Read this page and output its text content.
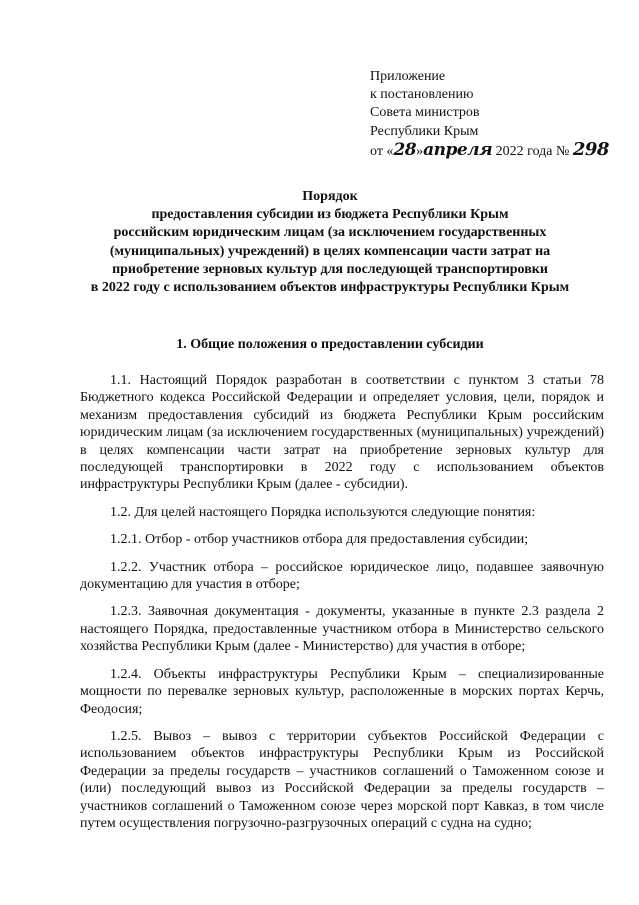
Приложение
к постановлению
Совета министров
Республики Крым
от «28»апреля 2022 года № 298
Порядок
предоставления субсидии из бюджета Республики Крым
российским юридическим лицам (за исключением государственных
(муниципальных) учреждений) в целях компенсации части затрат на
приобретение зерновых культур для последующей транспортировки
в 2022 году с использованием объектов инфраструктуры Республики Крым
1. Общие положения о предоставлении субсидии

1.1. Настоящий Порядок разработан в соответствии с пунктом 3 статьи 78 Бюджетного кодекса Российской Федерации и определяет условия, цели, порядок и механизм предоставления субсидий из бюджета Республики Крым российским юридическим лицам (за исключением государственных (муниципальных) учреждений) в целях компенсации части затрат на приобретение зерновых культур для последующей транспортировки в 2022 году с использованием объектов инфраструктуры Республики Крым (далее - субсидии).

1.2. Для целей настоящего Порядка используются следующие понятия:

1.2.1. Отбор - отбор участников отбора для предоставления субсидии;

1.2.2. Участник отбора – российское юридическое лицо, подавшее заявочную документацию для участия в отборе;

1.2.3. Заявочная документация - документы, указанные в пункте 2.3 раздела 2 настоящего Порядка, предоставленные участником отбора в Министерство сельского хозяйства Республики Крым (далее - Министерство) для участия в отборе;

1.2.4. Объекты инфраструктуры Республики Крым – специализированные мощности по перевалке зерновых культур, расположенные в морских портах Керчь, Феодосия;

1.2.5. Вывоз – вывоз с территории субъектов Российской Федерации с использованием объектов инфраструктуры Республики Крым из Российской Федерации за пределы государств – участников соглашений о Таможенном союзе и (или) последующий вывоз из Российской Федерации за пределы государств – участников соглашений о Таможенном союзе через морской порт Кавказ, в том числе путем осуществления погрузочно-разгрузочных операций с судна на судно;
